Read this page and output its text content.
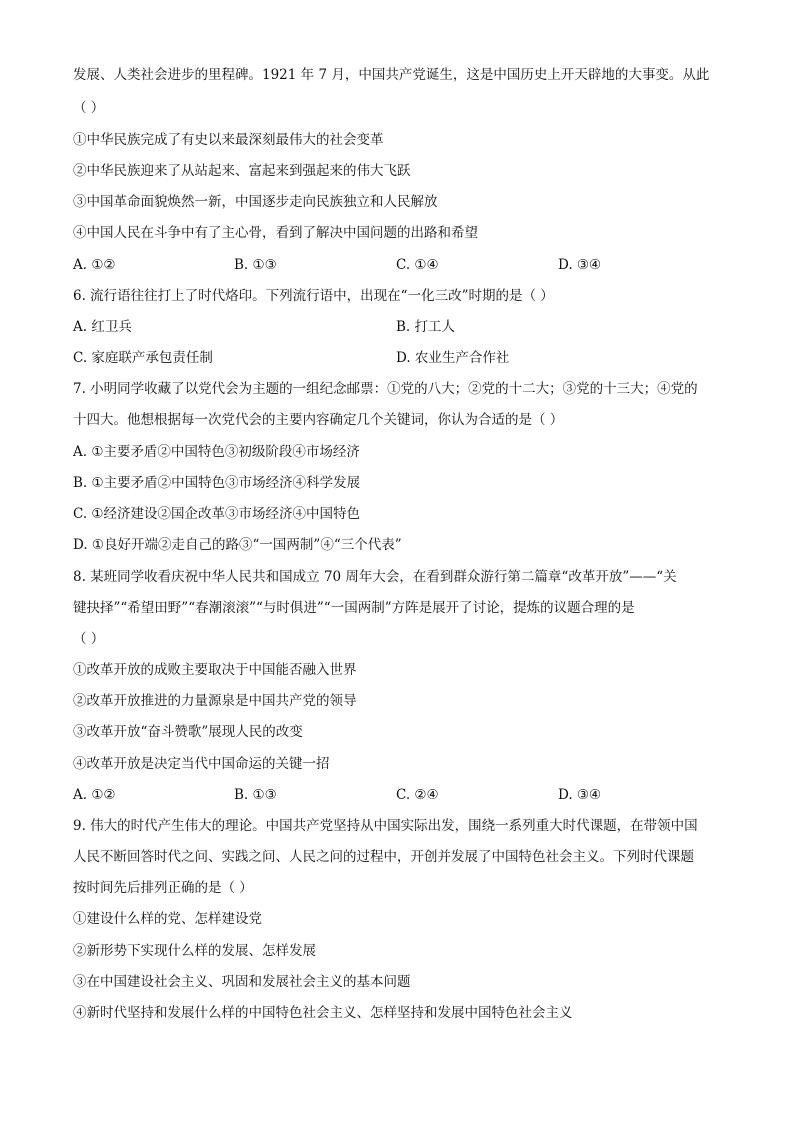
发展、人类社会进步的里程碑。1921 年 7 月，中国共产党诞生，这是中国历史上开天辟地的大事变。从此
（ ）
①中华民族完成了有史以来最深刻最伟大的社会变革
②中华民族迎来了从站起来、富起来到强起来的伟大飞跃
③中国革命面貌焕然一新，中国逐步走向民族独立和人民解放
④中国人民在斗争中有了主心骨，看到了解决中国问题的出路和希望
A. ①②	B. ①③	C. ①④	D. ③④
6. 流行语往往打上了时代烙印。下列流行语中，出现在“一化三改”时期的是（ ）
A. 红卫兵	B. 打工人
C. 家庭联产承包责任制	D. 农业生产合作社
7. 小明同学收藏了以党代会为主题的一组纪念邮票：①党的八大；②党的十二大；③党的十三大；④党的
十四大。他想根据每一次党代会的主要内容确定几个关键词，你认为合适的是（ ）
A. ①主要矛盾②中国特色③初级阶段④市场经济
B. ①主要矛盾②中国特色③市场经济④科学发展
C. ①经济建设②国企改革③市场经济④中国特色
D. ①良好开端②走自己的路③“一国两制”④“三个代表”
8. 某班同学收看庆祝中华人民共和国成立 70 周年大会，在看到群众游行第二篇章“改革开放”——“关
键抉择”“希望田野”“春潮滚滚”“与时俱进”“一国两制”方阵是展开了讨论，提炼的议题合理的是
（ ）
①改革开放的成败主要取决于中国能否融入世界
②改革开放推进的力量源泉是中国共产党的领导
③改革开放“奋斗赞歌”展现人民的改变
④改革开放是决定当代中国命运的关键一招
A. ①②	B. ①③	C. ②④	D. ③④
9. 伟大的时代产生伟大的理论。中国共产党坚持从中国实际出发，围绕一系列重大时代课题，在带领中国
人民不断回答时代之问、实践之问、人民之问的过程中，开创并发展了中国特色社会主义。下列时代课题
按时间先后排列正确的是（ ）
①建设什么样的党、怎样建设党
②新形势下实现什么样的发展、怎样发展
③在中国建设社会主义、巩固和发展社会主义的基本问题
④新时代坚持和发展什么样的中国特色社会主义、怎样坚持和发展中国特色社会主义
